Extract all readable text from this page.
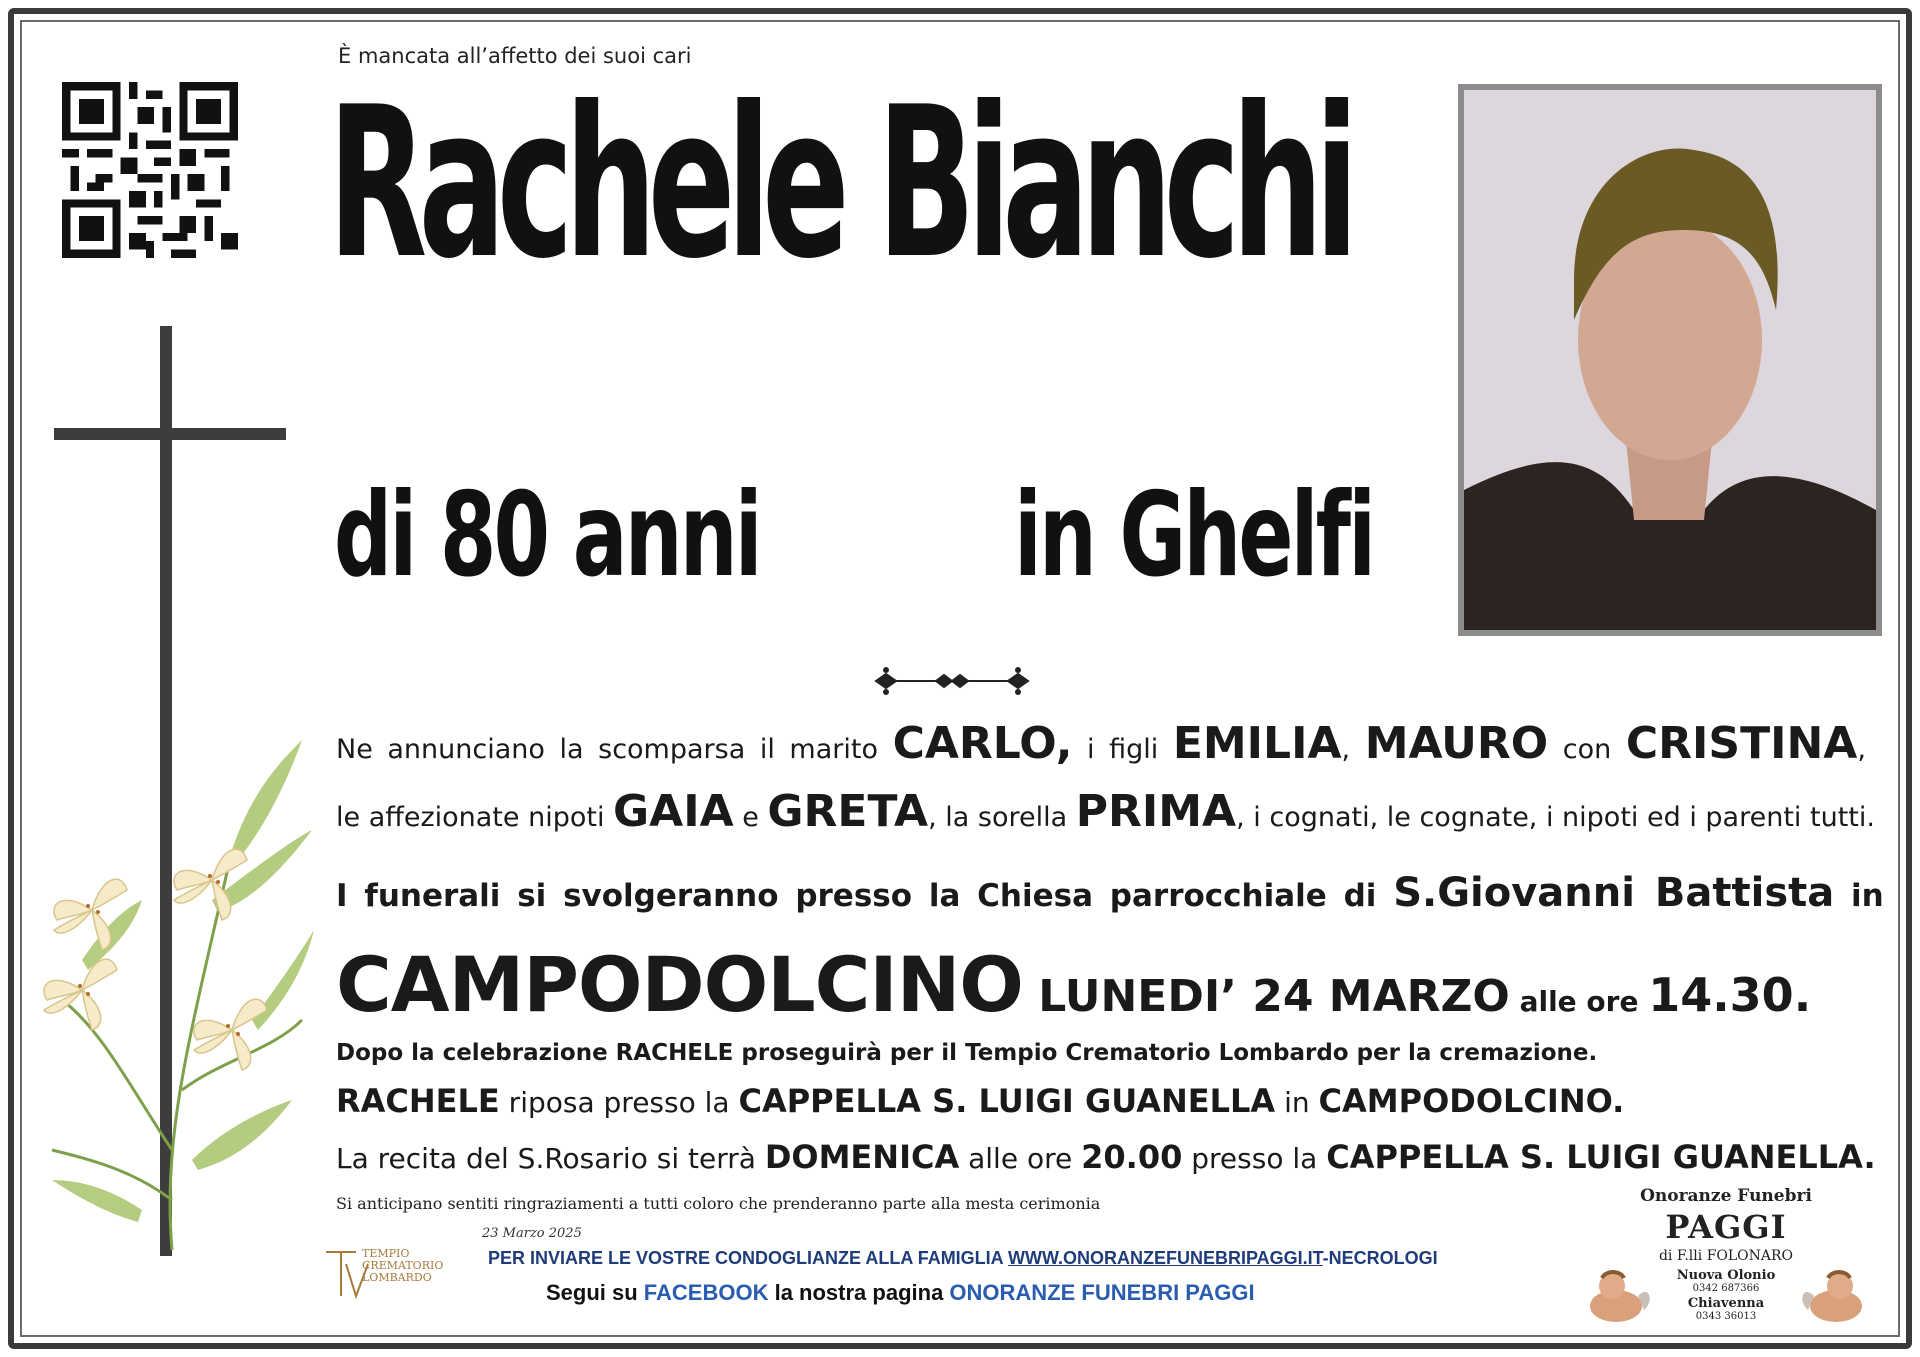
È mancata all’affetto dei suoi cari
Rachele Bianchi
di 80 anni in Ghelfi
Ne annunciano la scomparsa il marito CARLO, i figli EMILIA, MAURO con CRISTINA,
le affezionate nipoti GAIA e GRETA, la sorella PRIMA, i cognati, le cognate, i nipoti ed i parenti tutti.
I funerali si svolgeranno presso la Chiesa parrocchiale di S.Giovanni Battista in
CAMPODOLCINO LUNEDI’ 24 MARZO alle ore 14.30.
Dopo la celebrazione RACHELE proseguirà per il Tempio Crematorio Lombardo per la cremazione.
RACHELE riposa presso la CAPPELLA S. LUIGI GUANELLA in CAMPODOLCINO.
La recita del S.Rosario si terrà DOMENICA alle ore 20.00 presso la CAPPELLA S. LUIGI GUANELLA.
Si anticipano sentiti ringraziamenti a tutti coloro che prenderanno parte alla mesta cerimonia
23 Marzo 2025
TEMPIO
CREMATORIO
LOMBARDO
PER INVIARE LE VOSTRE CONDOGLIANZE ALLA FAMIGLIA WWW.ONORANZEFUNEBRIPAGGI.IT-NECROLOGI
Segui su FACEBOOK la nostra pagina ONORANZE FUNEBRI PAGGI
Onoranze Funebri
PAGGI
di F.lli FOLONARO
Nuova Olonio
0342 687366
Chiavenna
0343 36013
